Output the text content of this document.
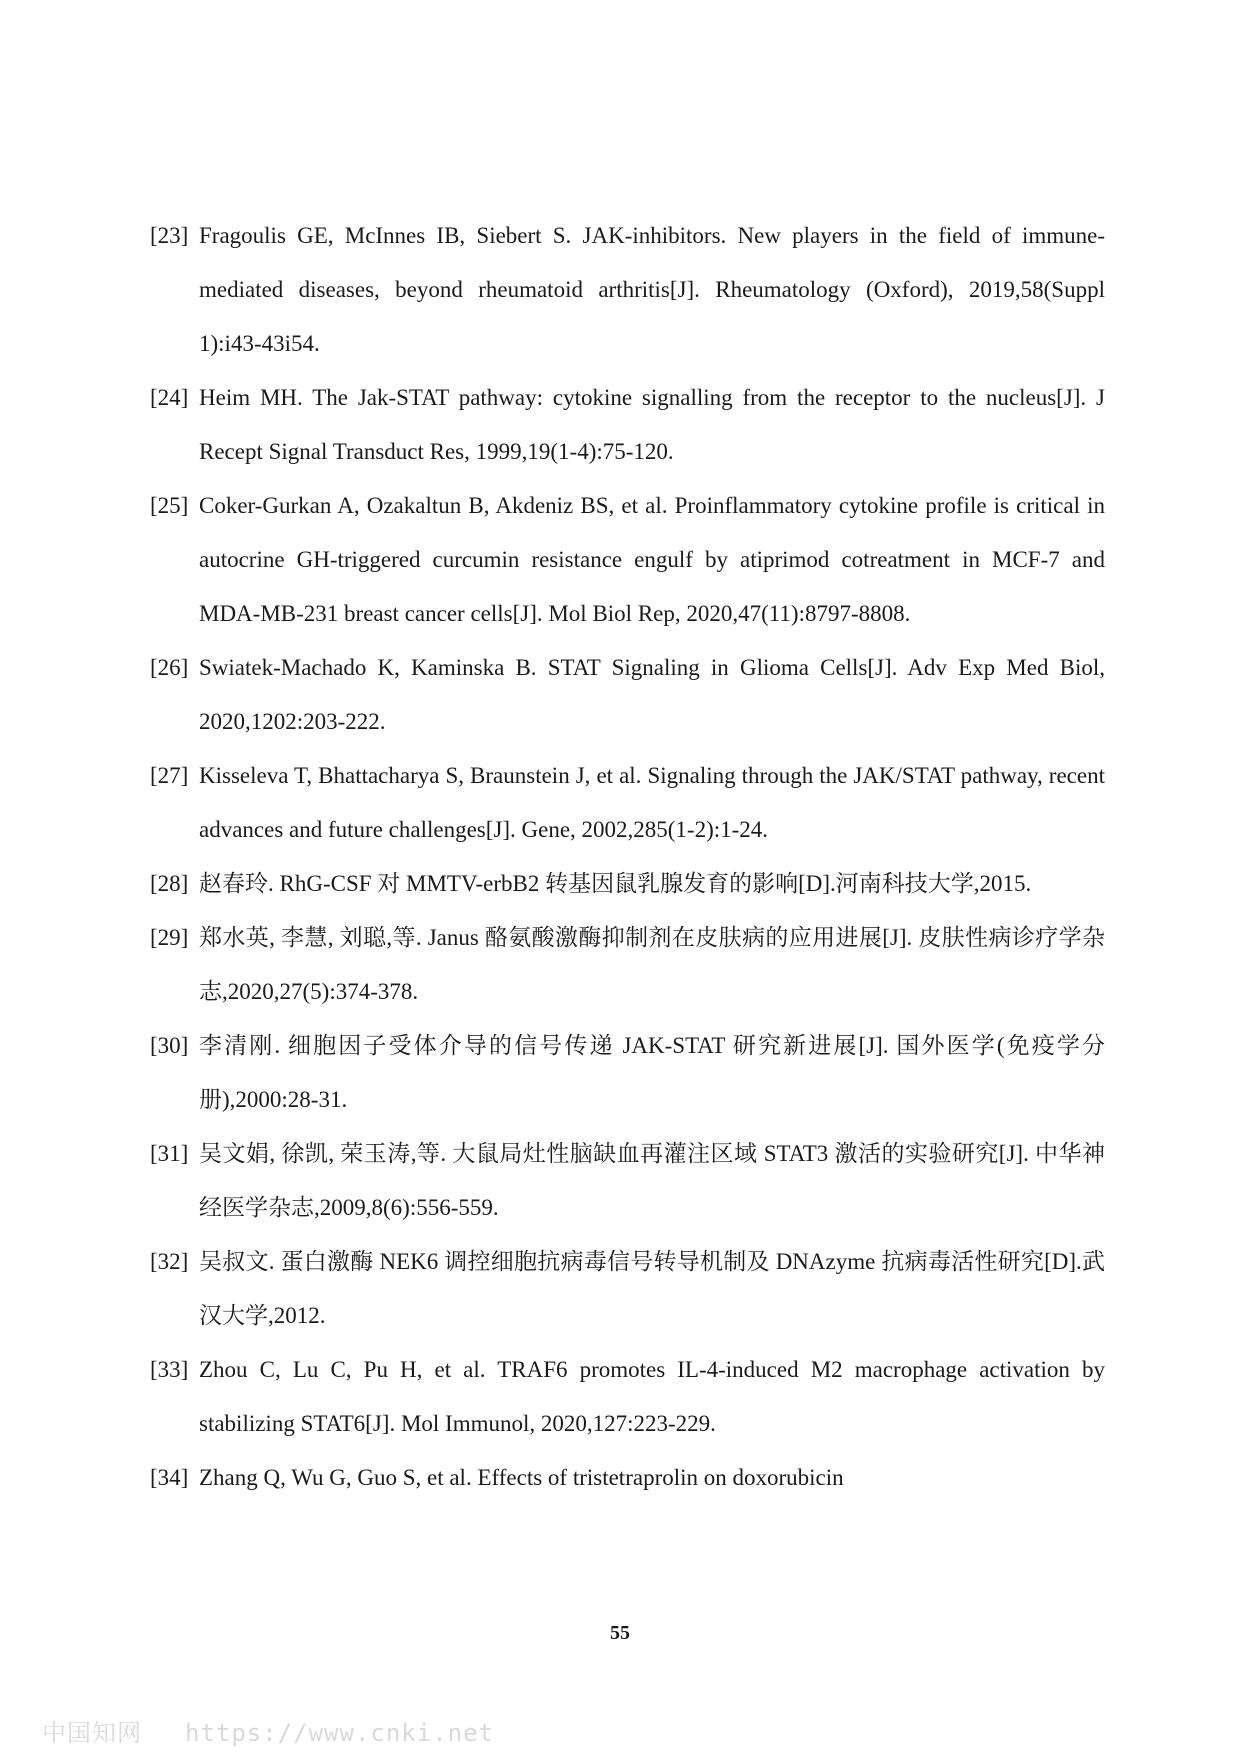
[23] Fragoulis GE, McInnes IB, Siebert S. JAK-inhibitors. New players in the field of immune-mediated diseases, beyond rheumatoid arthritis[J]. Rheumatology (Oxford), 2019,58(Suppl 1):i43-43i54.
[24] Heim MH. The Jak-STAT pathway: cytokine signalling from the receptor to the nucleus[J]. J Recept Signal Transduct Res, 1999,19(1-4):75-120.
[25] Coker-Gurkan A, Ozakaltun B, Akdeniz BS, et al. Proinflammatory cytokine profile is critical in autocrine GH-triggered curcumin resistance engulf by atiprimod cotreatment in MCF-7 and MDA-MB-231 breast cancer cells[J]. Mol Biol Rep, 2020,47(11):8797-8808.
[26] Swiatek-Machado K, Kaminska B. STAT Signaling in Glioma Cells[J]. Adv Exp Med Biol, 2020,1202:203-222.
[27] Kisseleva T, Bhattacharya S, Braunstein J, et al. Signaling through the JAK/STAT pathway, recent advances and future challenges[J]. Gene, 2002,285(1-2):1-24.
[28] 赵春玲. RhG-CSF 对 MMTV-erbB2 转基因鼠乳腺发育的影响[D].河南科技大学,2015.
[29] 郑水英, 李慧, 刘聪,等. Janus 酪氨酸激酶抑制剂在皮肤病的应用进展[J]. 皮肤性病诊疗学杂志,2020,27(5):374-378.
[30] 李清刚. 细胞因子受体介导的信号传递 JAK-STAT 研究新进展[J]. 国外医学(免疫学分册),2000:28-31.
[31] 吴文娟, 徐凯, 荣玉涛,等. 大鼠局灶性脑缺血再灌注区域 STAT3 激活的实验研究[J]. 中华神经医学杂志,2009,8(6):556-559.
[32] 吴叔文. 蛋白激酶 NEK6 调控细胞抗病毒信号转导机制及 DNAzyme 抗病毒活性研究[D].武汉大学,2012.
[33] Zhou C, Lu C, Pu H, et al. TRAF6 promotes IL-4-induced M2 macrophage activation by stabilizing STAT6[J]. Mol Immunol, 2020,127:223-229.
[34] Zhang Q, Wu G, Guo S, et al. Effects of tristetraprolin on doxorubicin
55
中国知网 https://www.cnki.net
